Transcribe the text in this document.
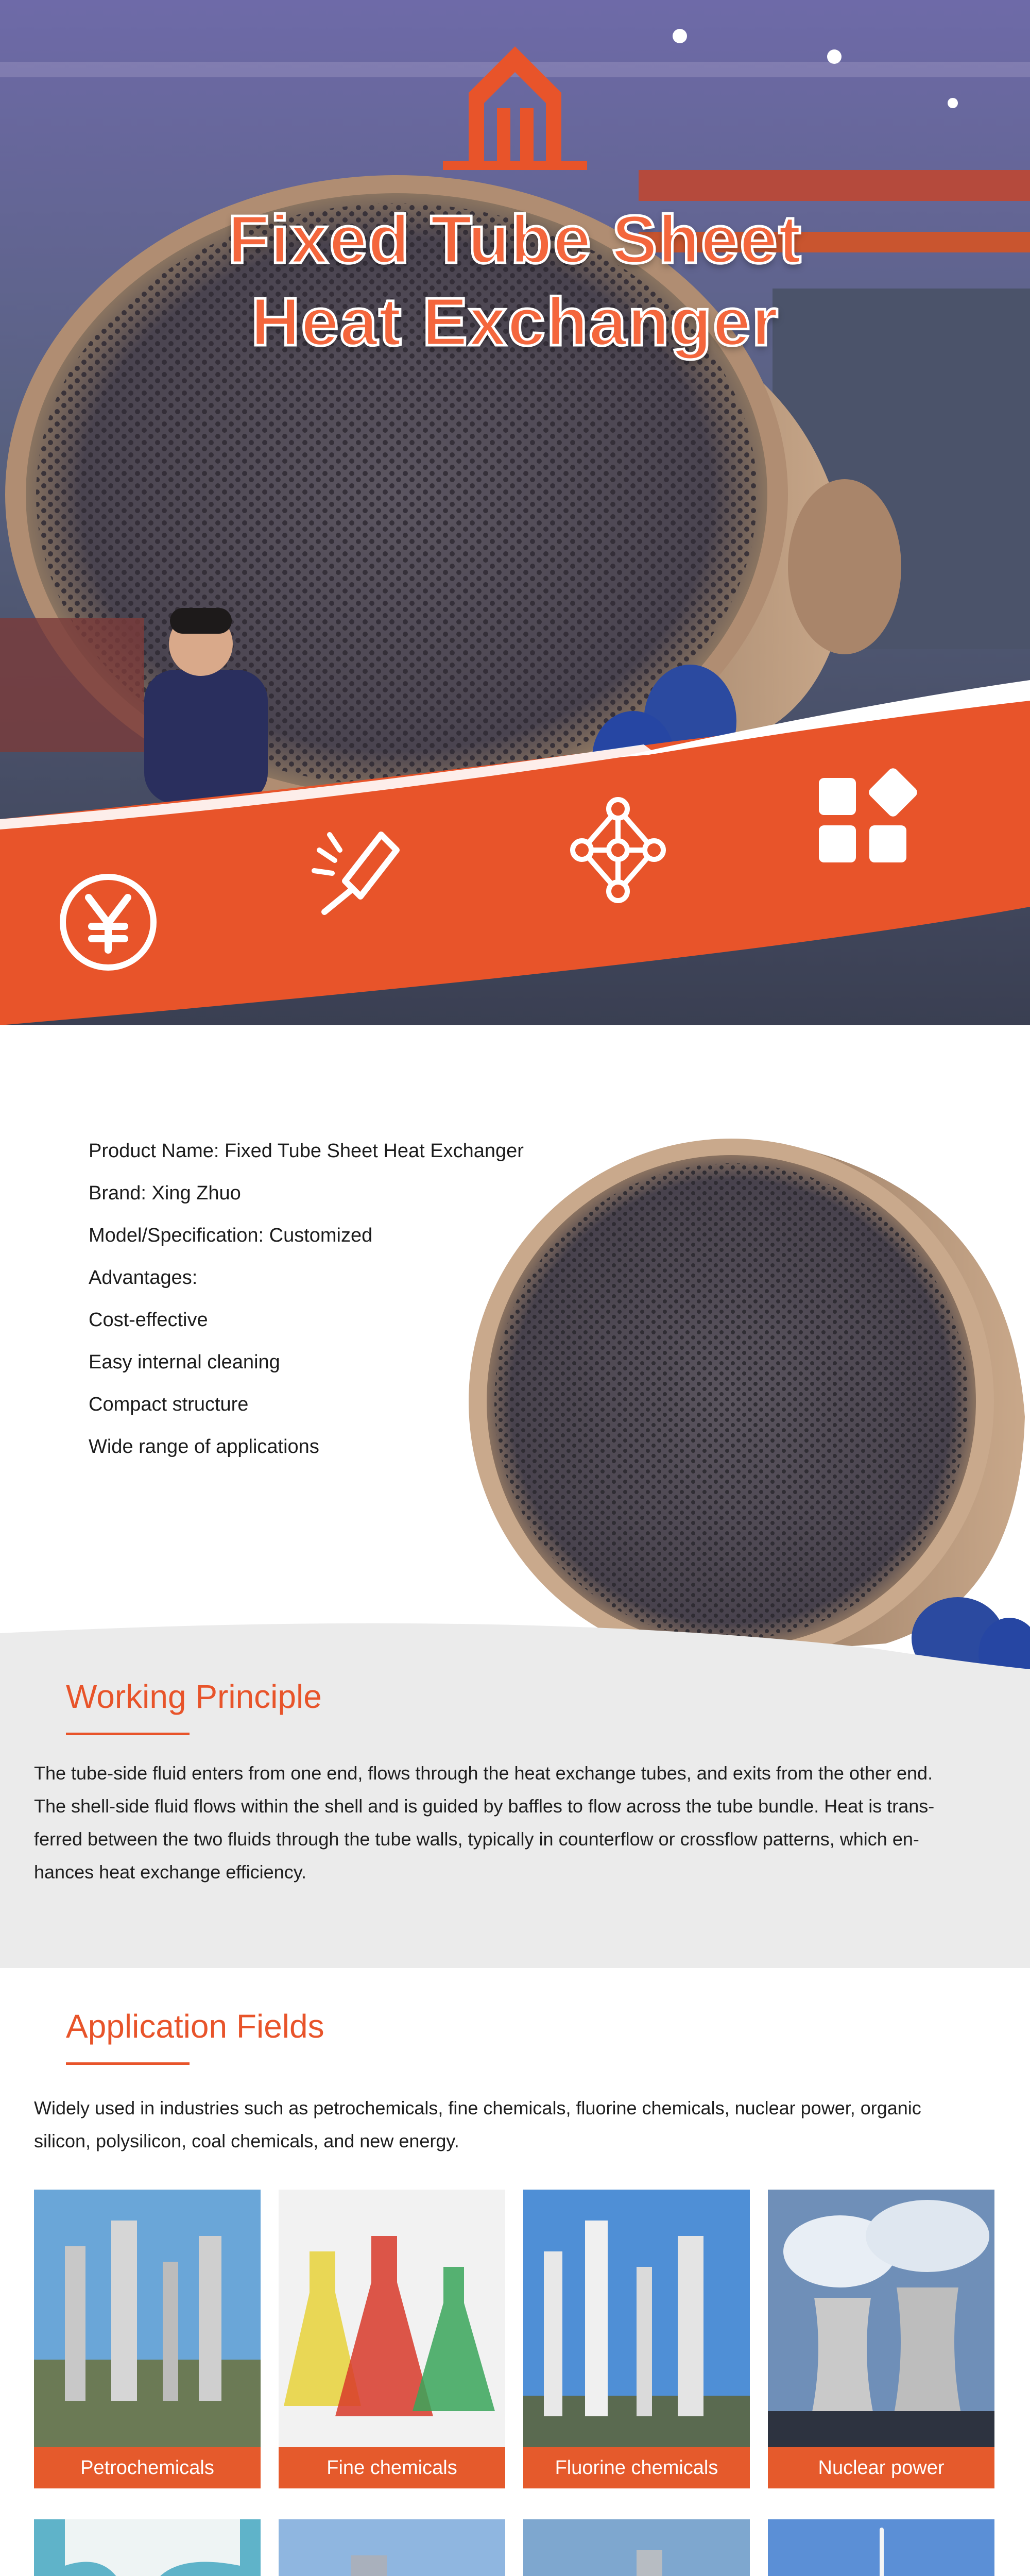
Fixed Tube Sheet
Heat Exchanger
Product Name: Fixed Tube Sheet Heat Exchanger
Brand: Xing Zhuo
Model/Specification: Customized
Advantages:
Cost-effective
Easy internal cleaning
Compact structure
Wide range of applications
Working Principle
The tube-side fluid enters from one end, flows through the heat exchange tubes, and exits from the other end.
The shell-side fluid flows within the shell and is guided by baffles to flow across the tube bundle. Heat is trans-
ferred between the two fluids through the tube walls, typically in counterflow or crossflow patterns, which en-
hances heat exchange efficiency.
Application Fields
Widely used in industries such as petrochemicals, fine chemicals, fluorine chemicals, nuclear power, organic
silicon, polysilicon, coal chemicals, and new energy.
Petrochemicals	Fine chemicals	Fluorine chemicals	Nuclear power
